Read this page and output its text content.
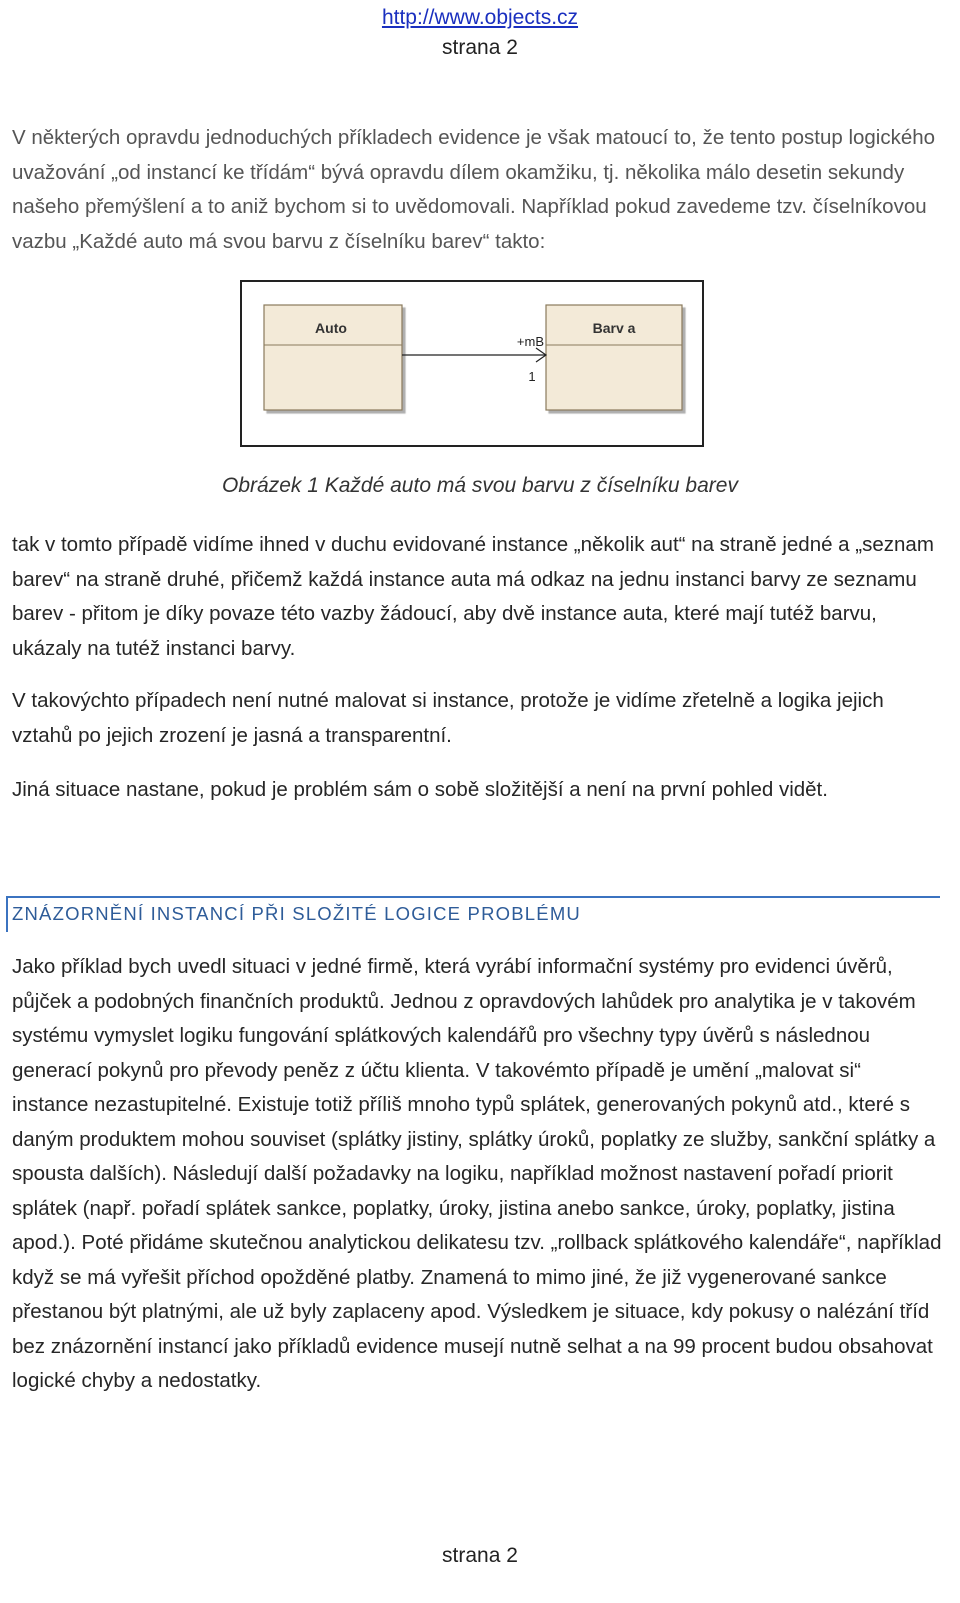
http://www.objects.cz
strana 2

V některých opravdu jednoduchých příkladech evidence je však matoucí to, že tento postup logického uvažování „od instancí ke třídám“ bývá opravdu dílem okamžiku, tj. několika málo desetin sekundy našeho přemýšlení a to aniž bychom si to uvědomovali. Například pokud zavedeme tzv. číselníkovou vazbu „Každé auto má svou barvu z číselníku barev“ takto:

Auto	Barv a
+mB
1
Obrázek 1 Každé auto má svou barvu z číselníku barev

tak v tomto případě vidíme ihned v duchu evidované instance „několik aut“ na straně jedné a „seznam barev“ na straně druhé, přičemž každá instance auta má odkaz na jednu instanci barvy ze seznamu barev - přitom je díky povaze této vazby žádoucí, aby dvě instance auta, které mají tutéž barvu, ukázaly na tutéž instanci barvy.

V takovýchto případech není nutné malovat si instance, protože je vidíme zřetelně a logika jejich vztahů po jejich zrození je jasná a transparentní.

Jiná situace nastane, pokud je problém sám o sobě složitější a není na první pohled vidět.

ZNÁZORNĚNÍ INSTANCÍ PŘI SLOŽITÉ LOGICE PROBLÉMU

Jako příklad bych uvedl situaci v jedné firmě, která vyrábí informační systémy pro evidenci úvěrů, půjček a podobných finančních produktů. Jednou z opravdových lahůdek pro analytika je v takovém systému vymyslet logiku fungování splátkových kalendářů pro všechny typy úvěrů s následnou generací pokynů pro převody peněz z účtu klienta. V takovémto případě je umění „malovat si“ instance nezastupitelné. Existuje totiž příliš mnoho typů splátek, generovaných pokynů atd., které s daným produktem mohou souviset (splátky jistiny, splátky úroků, poplatky ze služby, sankční splátky a spousta dalších). Následují další požadavky na logiku, například možnost nastavení pořadí priorit splátek (např. pořadí splátek sankce, poplatky, úroky, jistina anebo sankce, úroky, poplatky, jistina apod.). Poté přidáme skutečnou analytickou delikatesu tzv. „rollback splátkového kalendáře“, například když se má vyřešit příchod opožděné platby. Znamená to mimo jiné, že již vygenerované sankce přestanou být platnými, ale už byly zaplaceny apod. Výsledkem je situace, kdy pokusy o nalézání tříd bez znázornění instancí jako příkladů evidence musejí nutně selhat a na 99 procent budou obsahovat logické chyby a nedostatky.

strana 2
